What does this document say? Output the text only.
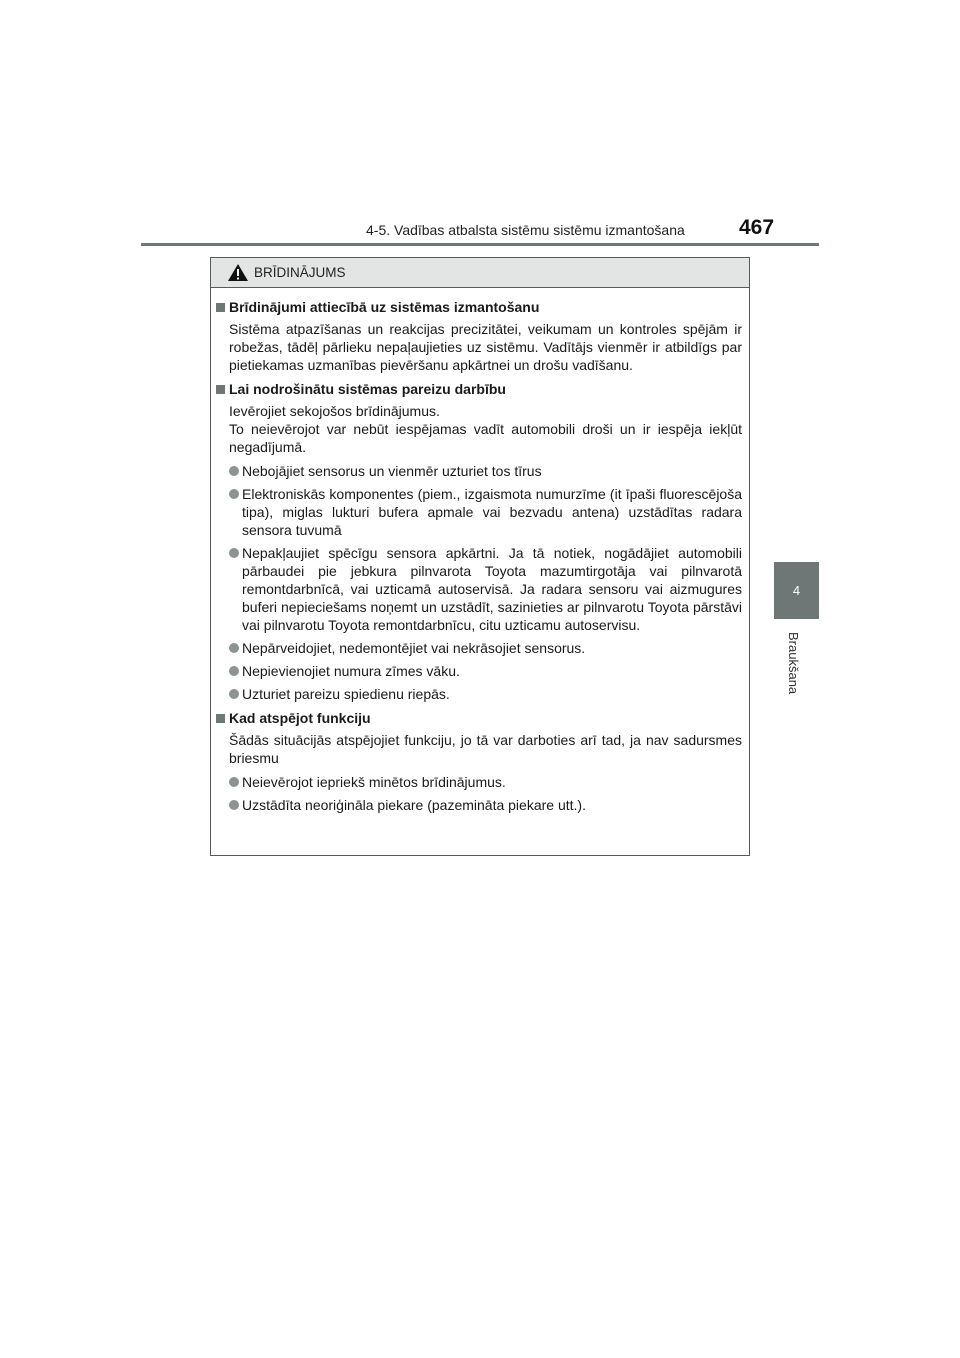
4-5. Vadības atbalsta sistēmu sistēmu izmantošana	467
4
Braukšana
BRĪDINĀJUMS
Brīdinājumi attiecībā uz sistēmas izmantošanu
Sistēma atpazīšanas un reakcijas precizitātei, veikumam un kontroles spējām ir robežas, tādēļ pārlieku nepaļaujieties uz sistēmu. Vadītājs vienmēr ir atbildīgs par pietiekamas uzmanības pievēršanu apkārtnei un drošu vadīšanu.
Lai nodrošinātu sistēmas pareizu darbību
Ievērojiet sekojošos brīdinājumus.
To neievērojot var nebūt iespējamas vadīt automobili droši un ir iespēja iekļūt negadījumā.
Nebojājiet sensorus un vienmēr uzturiet tos tīrus
Elektroniskās komponentes (piem., izgaismota numurzīme (it īpaši fluorescējoša tipa), miglas lukturi bufera apmale vai bezvadu antena) uzstādītas radara sensora tuvumā
Nepakļaujiet spēcīgu sensora apkārtni. Ja tā notiek, nogādājiet automobili pārbaudei pie jebkura pilnvarota Toyota mazumtirgotāja vai pilnvarotā remontdarbnīcā, vai uzticamā autoservisā. Ja radara sensoru vai aizmugures buferi nepieciešams noņemt un uzstādīt, sazinieties ar pilnvarotu Toyota pārstāvi vai pilnvarotu Toyota remontdarbnīcu, citu uzticamu autoservisu.
Nepārveidojiet, nedemontējiet vai nekrāsojiet sensorus.
Nepievienojiet numura zīmes vāku.
Uzturiet pareizu spiedienu riepās.
Kad atspējot funkciju
Šādās situācijās atspējojiet funkciju, jo tā var darboties arī tad, ja nav sadursmes briesmu
Neievērojot iepriekš minētos brīdinājumus.
Uzstādīta neoriģināla piekare (pazemināta piekare utt.).
